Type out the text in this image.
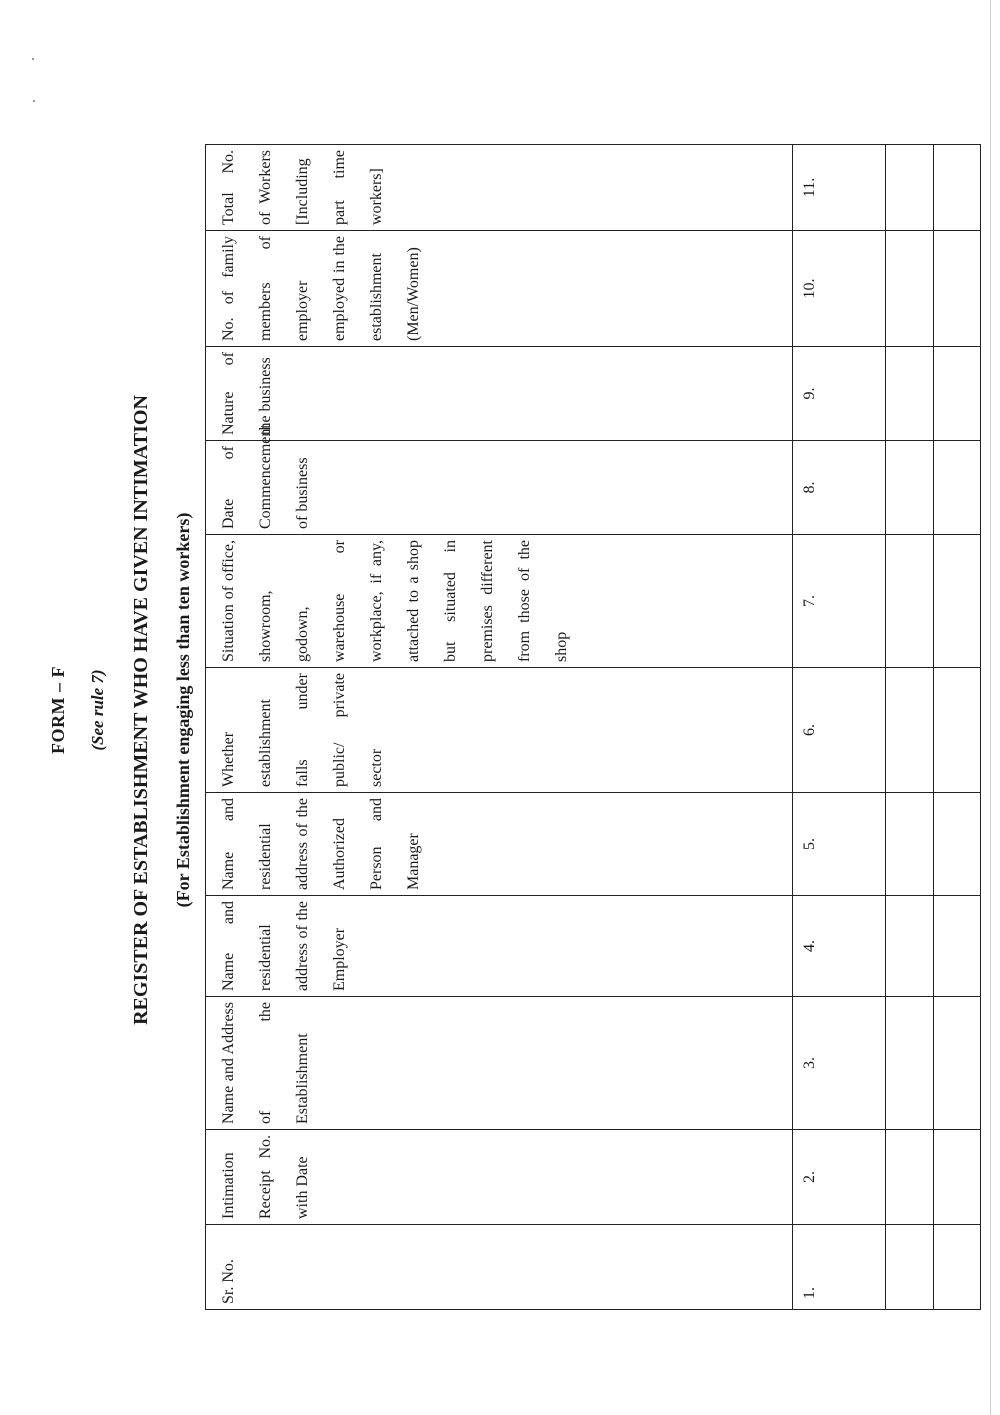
FORM – F (See rule 7) REGISTER OF ESTABLISHMENT WHO HAVE GIVEN INTIMATION (For Establishment engaging less than ten workers)
Sr. No.	Intimation Receipt No. with Date	Name and Address of the Establishment	Name and residential address of the Employer	Name and residential address of the Authorized Person and Manager	Whether establishment falls under public/ private sector	Situation of office, showroom, godown, warehouse or workplace, if any, attached to a shop but situated in premises different from those of the shop	Date of Commencement of business	Nature of the business	No. of family members of employer employed in the establishment (Men/Women)	Total No. of Workers [Including part time workers]
1.	2.	3.	4.	5.	6.	7.	8.	9.	10.	11.
